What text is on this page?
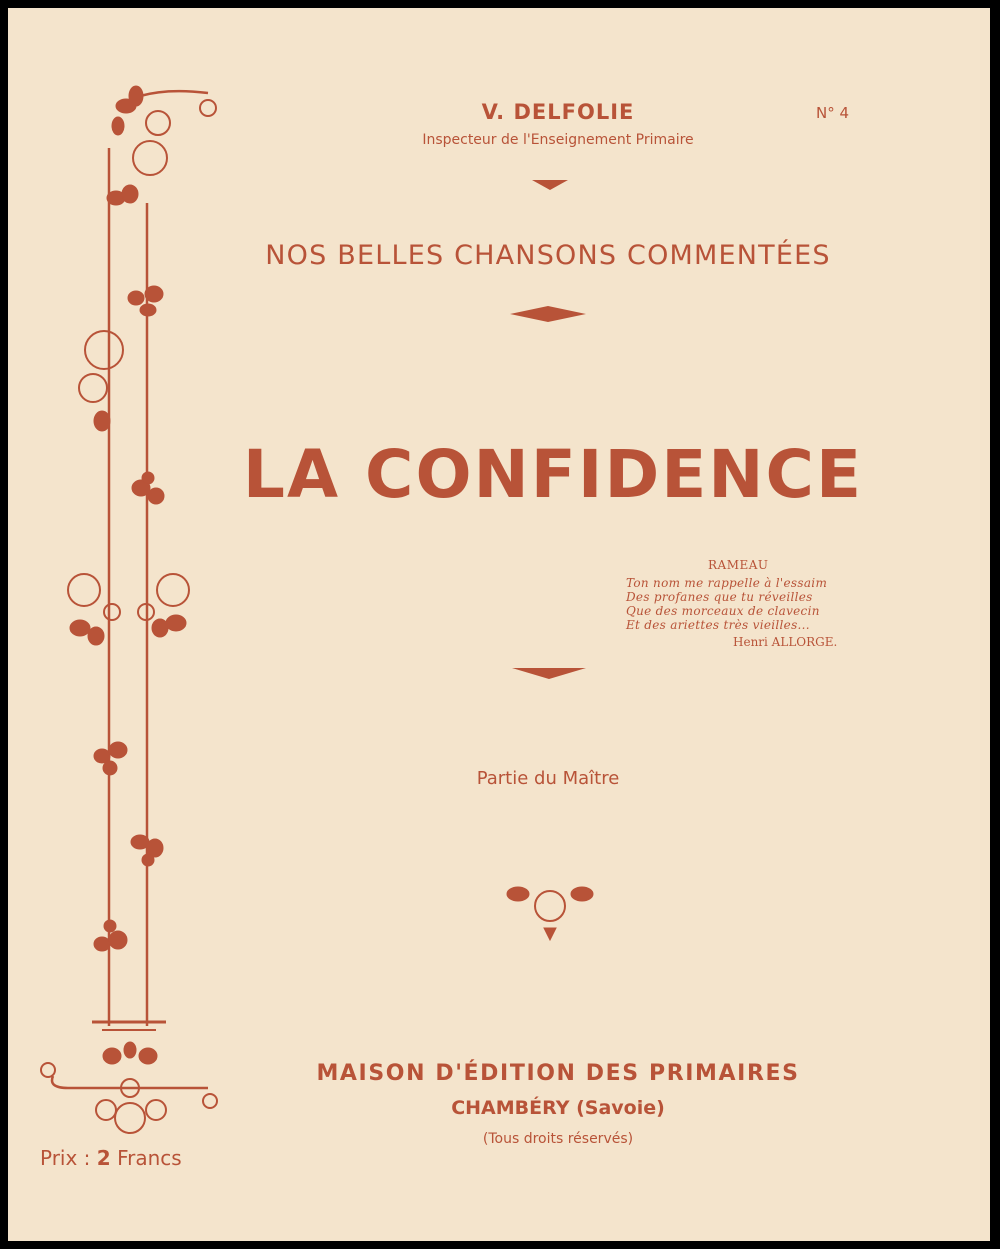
V. DELFOLIE
Inspecteur de l'Enseignement Primaire
N° 4
NOS BELLES CHANSONS COMMENTÉES
LA CONFIDENCE
RAMEAU
Ton nom me rappelle à l'essaim
Des profanes que tu réveilles
Que des morceaux de clavecin
Et des ariettes très vieilles...
Henri ALLORGE.
Partie du Maître
MAISON D'ÉDITION DES PRIMAIRES
CHAMBÉRY (Savoie)
(Tous droits réservés)
Prix : 2 Francs
